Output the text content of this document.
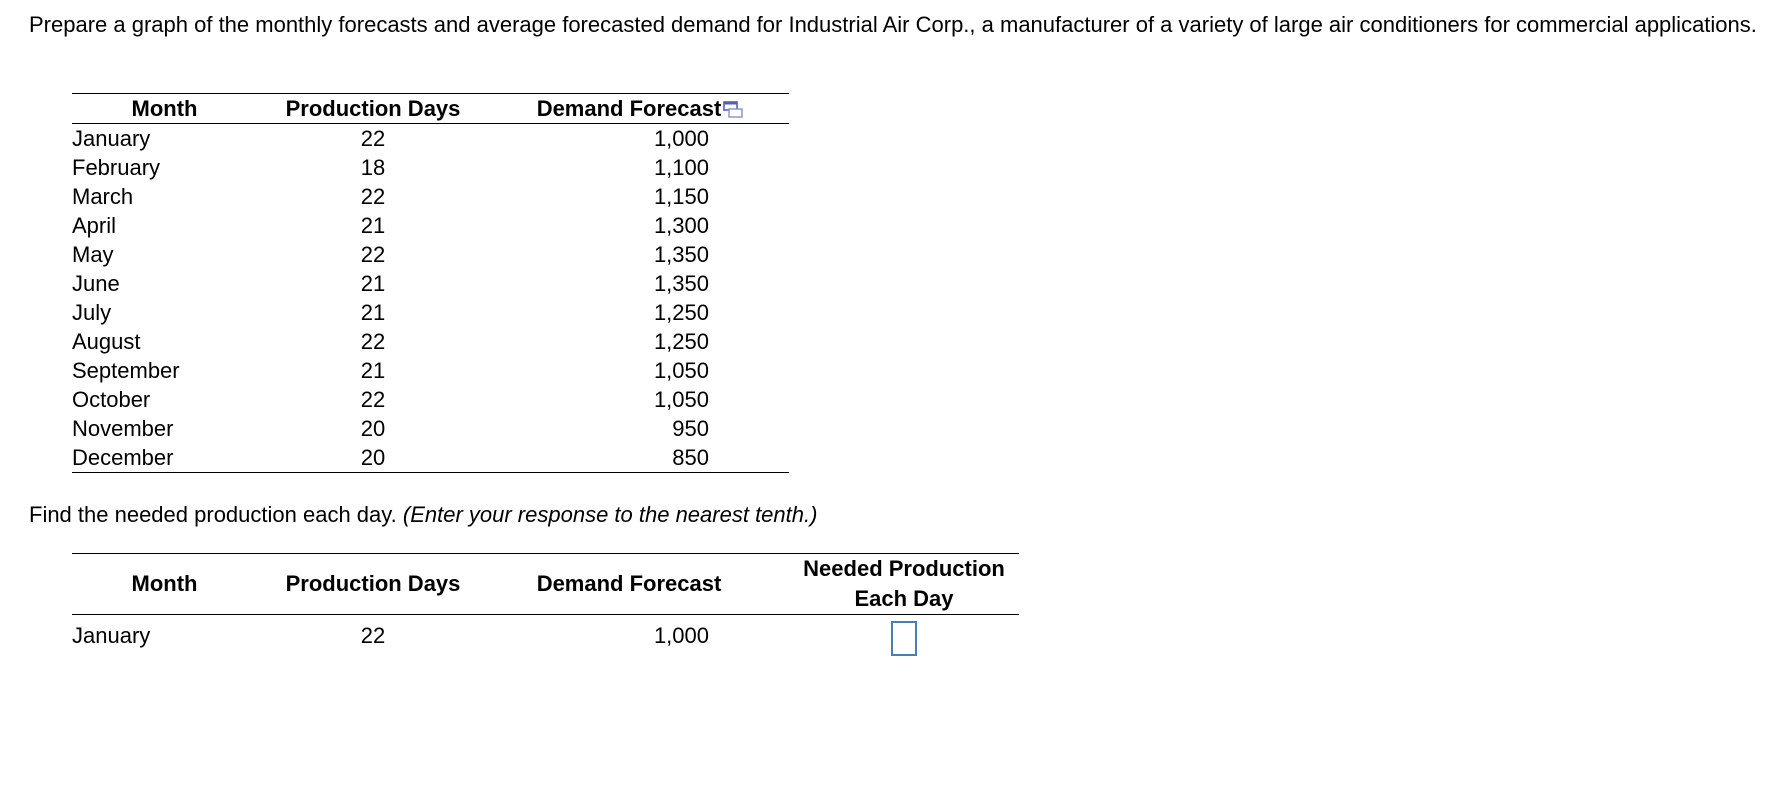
Prepare a graph of the monthly forecasts and average forecasted demand for Industrial Air Corp., a manufacturer of a variety of large air conditioners for commercial applications.

Month	Production Days	Demand Forecast
January	22	1,000
February	18	1,100
March	22	1,150
April	21	1,300
May	22	1,350
June	21	1,350
July	21	1,250
August	22	1,250
September	21	1,050
October	22	1,050
November	20	950
December	20	850

Find the needed production each day. (Enter your response to the nearest tenth.)

Month	Production Days	Demand Forecast	Needed Production
Each Day
January	22	1,000	
